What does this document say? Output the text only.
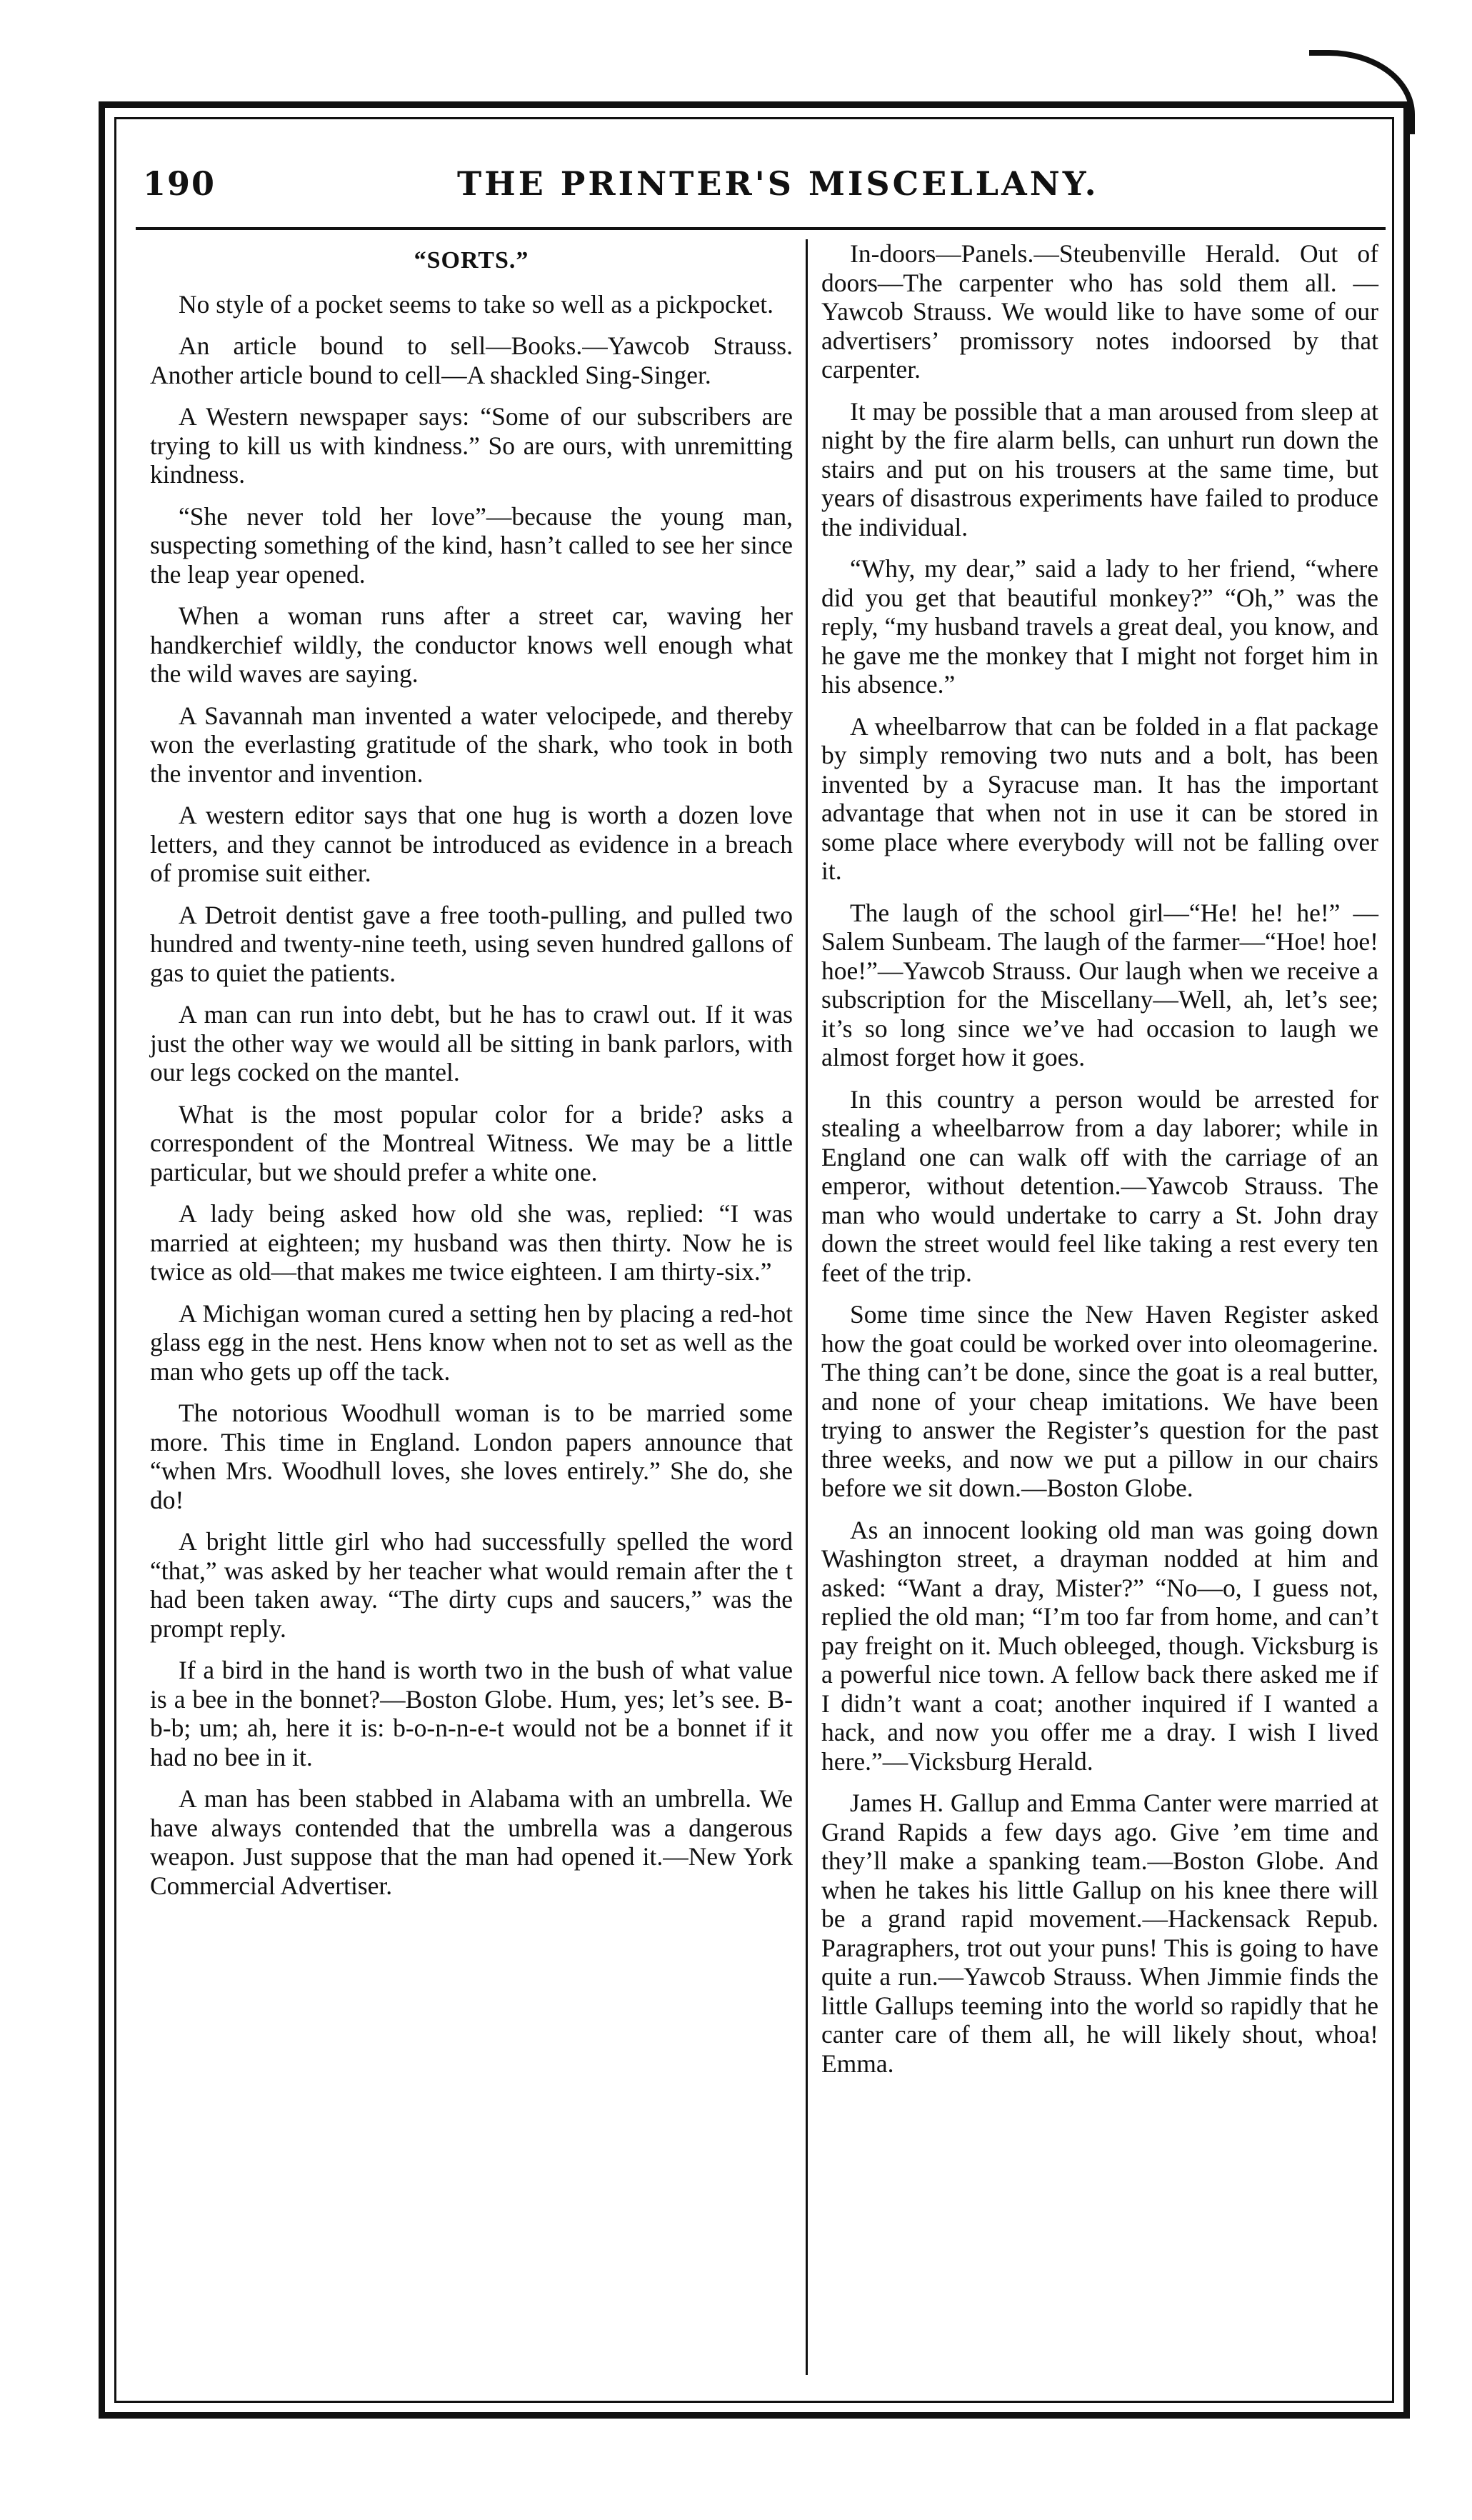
190	THE PRINTER'S MISCELLANY.
“SORTS.”

No style of a pocket seems to take so well as a pickpocket.

An article bound to sell—Books.—Yawcob Strauss. Another article bound to cell—A shackled Sing-Singer.

A Western newspaper says: “Some of our subscribers are trying to kill us with kindness.” So are ours, with unremitting kindness.

“She never told her love”—because the young man, suspecting something of the kind, hasn’t called to see her since the leap year opened.

When a woman runs after a street car, waving her handkerchief wildly, the conductor knows well enough what the wild waves are saying.

A Savannah man invented a water velocipede, and thereby won the everlasting gratitude of the shark, who took in both the inventor and invention.

A western editor says that one hug is worth a dozen love letters, and they cannot be introduced as evidence in a breach of promise suit either.

A Detroit dentist gave a free tooth-pulling, and pulled two hundred and twenty-nine teeth, using seven hundred gallons of gas to quiet the patients.

A man can run into debt, but he has to crawl out. If it was just the other way we would all be sitting in bank parlors, with our legs cocked on the mantel.

What is the most popular color for a bride? asks a correspondent of the Montreal Witness. We may be a little particular, but we should prefer a white one.

A lady being asked how old she was, replied: “I was married at eighteen; my husband was then thirty. Now he is twice as old—that makes me twice eighteen. I am thirty-six.”

A Michigan woman cured a setting hen by placing a red-hot glass egg in the nest. Hens know when not to set as well as the man who gets up off the tack.

The notorious Woodhull woman is to be married some more. This time in England. London papers announce that “when Mrs. Woodhull loves, she loves entirely.” She do, she do!

A bright little girl who had successfully spelled the word “that,” was asked by her teacher what would remain after the t had been taken away. “The dirty cups and saucers,” was the prompt reply.

If a bird in the hand is worth two in the bush of what value is a bee in the bonnet?—Boston Globe. Hum, yes; let’s see. B-b-b; um; ah, here it is: b-o-n-n-e-t would not be a bonnet if it had no bee in it.

A man has been stabbed in Alabama with an umbrella. We have always contended that the umbrella was a dangerous weapon. Just suppose that the man had opened it.—New York Commercial Advertiser.

In-doors—Panels.—Steubenville Herald. Out of doors—The carpenter who has sold them all. —Yawcob Strauss. We would like to have some of our advertisers’ promissory notes indoorsed by that carpenter.

It may be possible that a man aroused from sleep at night by the fire alarm bells, can unhurt run down the stairs and put on his trousers at the same time, but years of disastrous experiments have failed to produce the individual.

“Why, my dear,” said a lady to her friend, “where did you get that beautiful monkey?” “Oh,” was the reply, “my husband travels a great deal, you know, and he gave me the monkey that I might not forget him in his absence.”

A wheelbarrow that can be folded in a flat package by simply removing two nuts and a bolt, has been invented by a Syracuse man. It has the important advantage that when not in use it can be stored in some place where everybody will not be falling over it.

The laugh of the school girl—“He! he! he!” —Salem Sunbeam. The laugh of the farmer—“Hoe! hoe! hoe!”—Yawcob Strauss. Our laugh when we receive a subscription for the Miscellany—Well, ah, let’s see; it’s so long since we’ve had occasion to laugh we almost forget how it goes.

In this country a person would be arrested for stealing a wheelbarrow from a day laborer; while in England one can walk off with the carriage of an emperor, without detention.—Yawcob Strauss. The man who would undertake to carry a St. John dray down the street would feel like taking a rest every ten feet of the trip.

Some time since the New Haven Register asked how the goat could be worked over into oleomagerine. The thing can’t be done, since the goat is a real butter, and none of your cheap imitations. We have been trying to answer the Register’s question for the past three weeks, and now we put a pillow in our chairs before we sit down.—Boston Globe.

As an innocent looking old man was going down Washington street, a drayman nodded at him and asked: “Want a dray, Mister?” “No—o, I guess not, replied the old man; “I’m too far from home, and can’t pay freight on it. Much obleeged, though. Vicksburg is a powerful nice town. A fellow back there asked me if I didn’t want a coat; another inquired if I wanted a hack, and now you offer me a dray. I wish I lived here.”—Vicksburg Herald.

James H. Gallup and Emma Canter were married at Grand Rapids a few days ago. Give ’em time and they’ll make a spanking team.—Boston Globe. And when he takes his little Gallup on his knee there will be a grand rapid movement.—Hackensack Repub. Paragraphers, trot out your puns! This is going to have quite a run.—Yawcob Strauss. When Jimmie finds the little Gallups teeming into the world so rapidly that he canter care of them all, he will likely shout, whoa! Emma.
